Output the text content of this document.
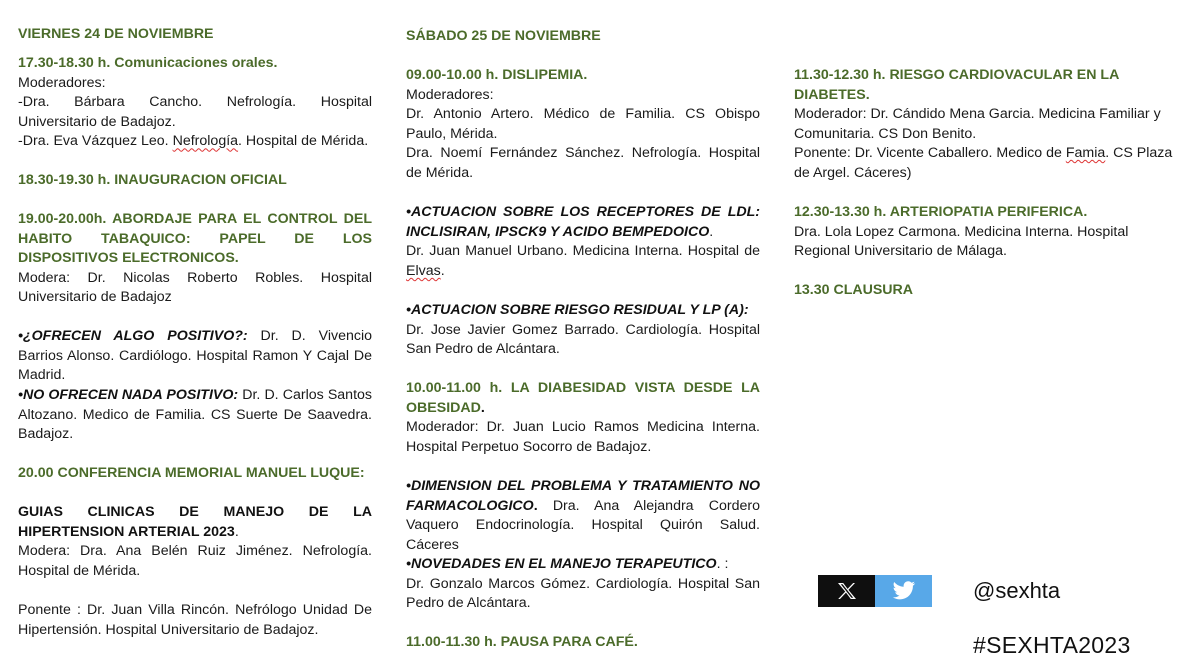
VIERNES 24 DE NOVIEMBRE
17.30-18.30 h. Comunicaciones orales.
Moderadores:
-Dra. Bárbara Cancho. Nefrología. Hospital Universitario de Badajoz.
-Dra. Eva Vázquez Leo. Nefrología. Hospital de Mérida.
18.30-19.30 h. INAUGURACION OFICIAL
19.00-20.00h. ABORDAJE PARA EL CONTROL DEL HABITO TABAQUICO: PAPEL DE LOS DISPOSITIVOS ELECTRONICOS.
Modera: Dr. Nicolas Roberto Robles. Hospital Universitario de Badajoz
•¿OFRECEN ALGO POSITIVO?: Dr. D. Vivencio Barrios Alonso. Cardiólogo. Hospital Ramon Y Cajal De Madrid.
•NO OFRECEN NADA POSITIVO: Dr. D. Carlos Santos Altozano. Medico de Familia. CS Suerte De Saavedra. Badajoz.
20.00 CONFERENCIA MEMORIAL MANUEL LUQUE:
GUIAS CLINICAS DE MANEJO DE LA HIPERTENSION ARTERIAL 2023.
Modera: Dra. Ana Belén Ruiz Jiménez. Nefrología. Hospital de Mérida.
Ponente : Dr. Juan Villa Rincón. Nefrólogo Unidad De Hipertensión. Hospital Universitario de Badajoz.
SÁBADO 25 DE NOVIEMBRE
09.00-10.00 h. DISLIPEMIA.
Moderadores:
Dr. Antonio Artero. Médico de Familia. CS Obispo Paulo, Mérida.
Dra. Noemí Fernández Sánchez. Nefrología. Hospital de Mérida.
•ACTUACION SOBRE LOS RECEPTORES DE LDL: INCLISIRAN, IPSCK9 Y ACIDO BEMPEDOICO.
Dr. Juan Manuel Urbano. Medicina Interna. Hospital de Elvas.
•ACTUACION SOBRE RIESGO RESIDUAL Y LP (A):
Dr. Jose Javier Gomez Barrado. Cardiología. Hospital San Pedro de Alcántara.
10.00-11.00 h. LA DIABESIDAD VISTA DESDE LA OBESIDAD.
Moderador: Dr. Juan Lucio Ramos Medicina Interna. Hospital Perpetuo Socorro de Badajoz.
•DIMENSION DEL PROBLEMA Y TRATAMIENTO NO FARMACOLOGICO. Dra. Ana Alejandra Cordero Vaquero Endocrinología. Hospital Quirón Salud. Cáceres
•NOVEDADES EN EL MANEJO TERAPEUTICO. :
Dr. Gonzalo Marcos Gómez. Cardiología. Hospital San Pedro de Alcántara.
11.00-11.30 h. PAUSA PARA CAFÉ.
11.30-12.30 h. RIESGO CARDIOVACULAR EN LA DIABETES.
Moderador: Dr. Cándido Mena Garcia. Medicina Familiar y Comunitaria. CS Don Benito.
Ponente: Dr. Vicente Caballero. Medico de Famia. CS Plaza de Argel. Cáceres)
12.30-13.30 h. ARTERIOPATIA PERIFERICA.
Dra. Lola Lopez Carmona. Medicina Interna. Hospital Regional Universitario de Málaga.
13.30 CLAUSURA
@sexhta
#SEXHTA2023
